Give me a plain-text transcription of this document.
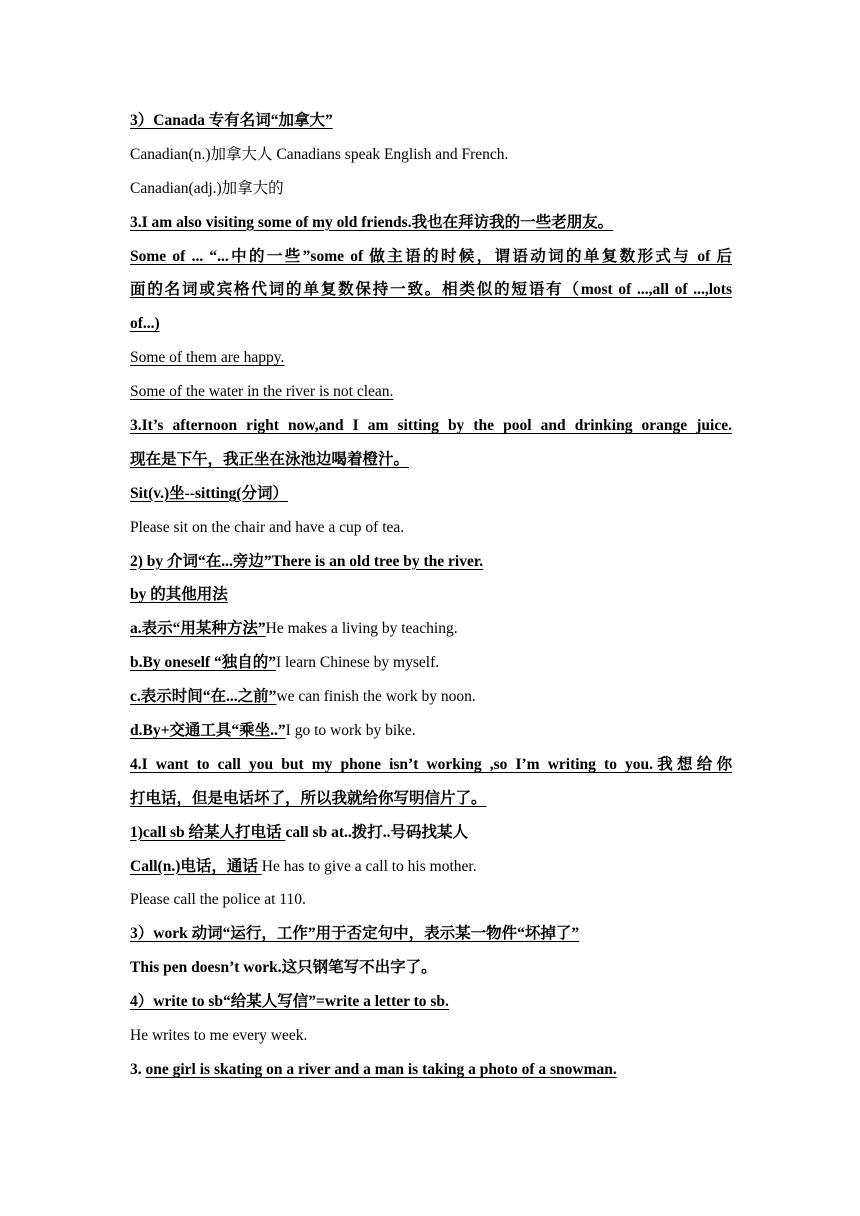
3）Canada 专有名词“加拿大”
Canadian(n.)加拿大人 Canadians speak English and French.
Canadian(adj.)加拿大的
3.I am also visiting some of my old friends.我也在拜访我的一些老朋友。
Some of ... “...中的一些”some of 做主语的时候，谓语动词的单复数形式与 of 后
面的名词或宾格代词的单复数保持一致。相类似的短语有（most of ...,all of ...,lots
of...)
Some of them are happy.
Some of the water in the river is not clean.
3.It’s afternoon right now,and I am sitting by the pool and drinking orange juice.
现在是下午，我正坐在泳池边喝着橙汁。
Sit(v.)坐--sitting(分词）
Please sit on the chair and have a cup of tea.
2) by 介词“在...旁边”There is an old tree by the river.
by 的其他用法
a.表示“用某种方法”He makes a living by teaching.
b.By oneself “独自的”I learn Chinese by myself.
c.表示时间“在...之前”we can finish the work by noon.
d.By+交通工具“乘坐..”I go to work by bike.
4.I want to call you but my phone isn’t working ,so I’m writing to you.我想给你
打电话，但是电话坏了，所以我就给你写明信片了。
1)call sb 给某人打电话 call sb at..拨打..号码找某人
Call(n.)电话，通话 He has to give a call to his mother.
Please call the police at 110.
3）work 动词“运行，工作”用于否定句中，表示某一物件“坏掉了”
This pen doesn’t work.这只钢笔写不出字了。
4）write to sb“给某人写信”=write a letter to sb.
He writes to me every week.
3. one girl is skating on a river and a man is taking a photo of a snowman.
